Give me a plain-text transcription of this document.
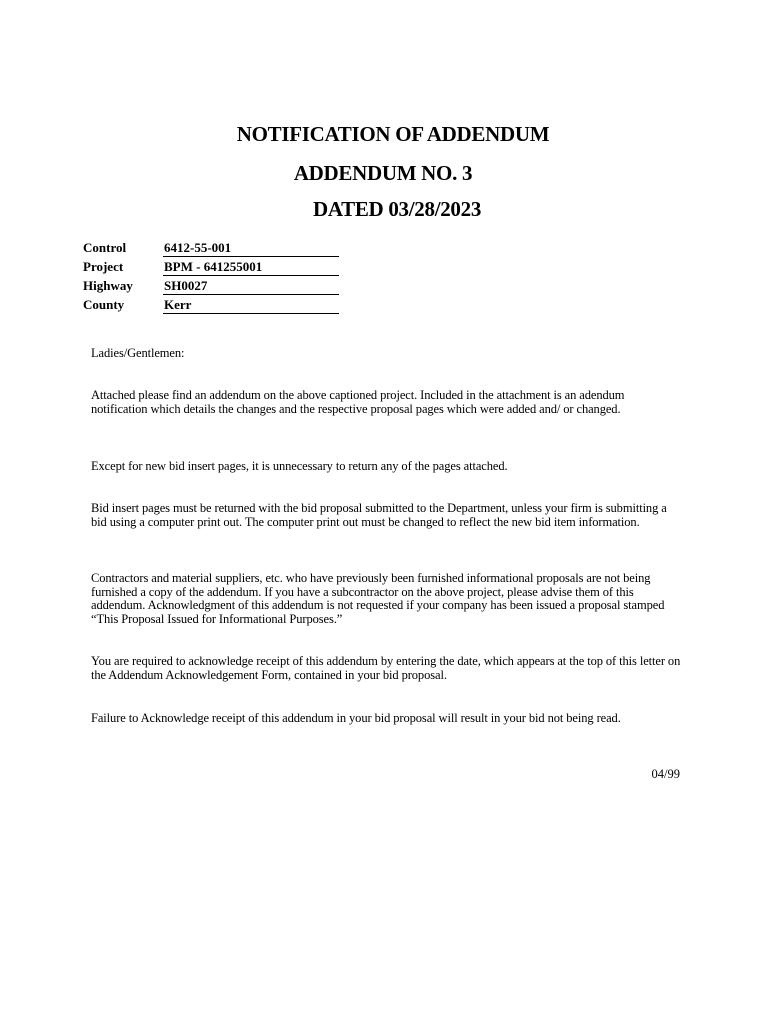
NOTIFICATION OF ADDENDUM
ADDENDUM NO. 3
DATED 03/28/2023
Control	6412-55-001
Project	BPM - 641255001
Highway SH0027
County	Kerr

Ladies/Gentlemen:

Attached please find an addendum on the above captioned project. Included in the attachment is an adendum notification which details the changes and the respective proposal pages which were added and/ or changed.

Except for new bid insert pages, it is unnecessary to return any of the pages attached.

Bid insert pages must be returned with the bid proposal submitted to the Department, unless your firm is submitting a bid using a computer print out. The computer print out must be changed to reflect the new bid item information.

Contractors and material suppliers, etc. who have previously been furnished informational proposals are not being furnished a copy of the addendum. If you have a subcontractor on the above project, please advise them of this addendum. Acknowledgment of this addendum is not requested if your company has been issued a proposal stamped “This Proposal Issued for Informational Purposes.”

You are required to acknowledge receipt of this addendum by entering the date, which appears at the top of this letter on the Addendum Acknowledgement Form, contained in your bid proposal.

Failure to Acknowledge receipt of this addendum in your bid proposal will result in your bid not being read.

04/99
